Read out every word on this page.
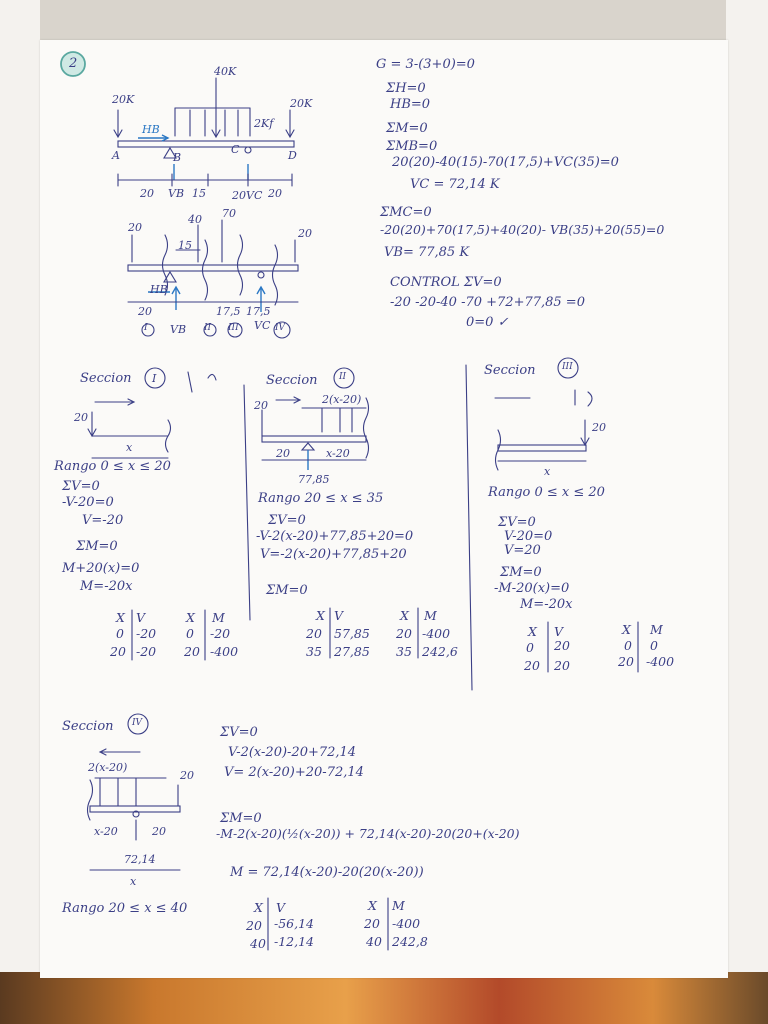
2
40K
20K	20K
2Kf
HB
A	B
C	D
20 VB 15 20VC 20
20
40 70
20
15
HB
20	17,5 17,5
I VB II III VC IV
G = 3-(3+0)=0
ΣH=0
HB=0
ΣM=0
ΣMB=0
20(20)-40(15)-70(17,5)+VC(35)=0
VC = 72,14 K
ΣMC=0
-20(20)+70(17,5)+40(20)- VB(35)+20(55)=0
VB= 77,85 K
CONTROL ΣV=0
-20 -20-40 -70 +72+77,85 =0
0=0 ✓
Seccion I
20
x
Rango 0 ≤ x ≤ 20
ΣV=0
-V-20=0
V=-20
ΣM=0
M+20(x)=0
M=-20x
X V
0 -20
20 -20
X M
0 -20
20 -400
Seccion II
2(x-20)
20
20	x-20
77,85
Rango 20 ≤ x ≤ 35
ΣV=0
-V-2(x-20)+77,85+20=0
V=-2(x-20)+77,85+20
ΣM=0
X V
20 57,85
35 27,85
X M
20 -400
35 242,6
Seccion	III
20
x
Rango 0 ≤ x ≤ 20
ΣV=0
V-20=0
V=20
ΣM=0
-M-20(x)=0
M=-20x
X V
0 20
20 20
X M
0 0
20 -400
Seccion IV
2(x-20)
20
x-20	20
72,14
x
Rango 20 ≤ x ≤ 40
ΣV=0
V-2(x-20)-20+72,14
V= 2(x-20)+20-72,14
ΣM=0
-M-2(x-20)(½(x-20)) + 72,14(x-20)-20(20+(x-20)
M = 72,14(x-20)-20(20(x-20))
X V
20 -56,14
40 -12,14
X M
20 -400
40 242,8
